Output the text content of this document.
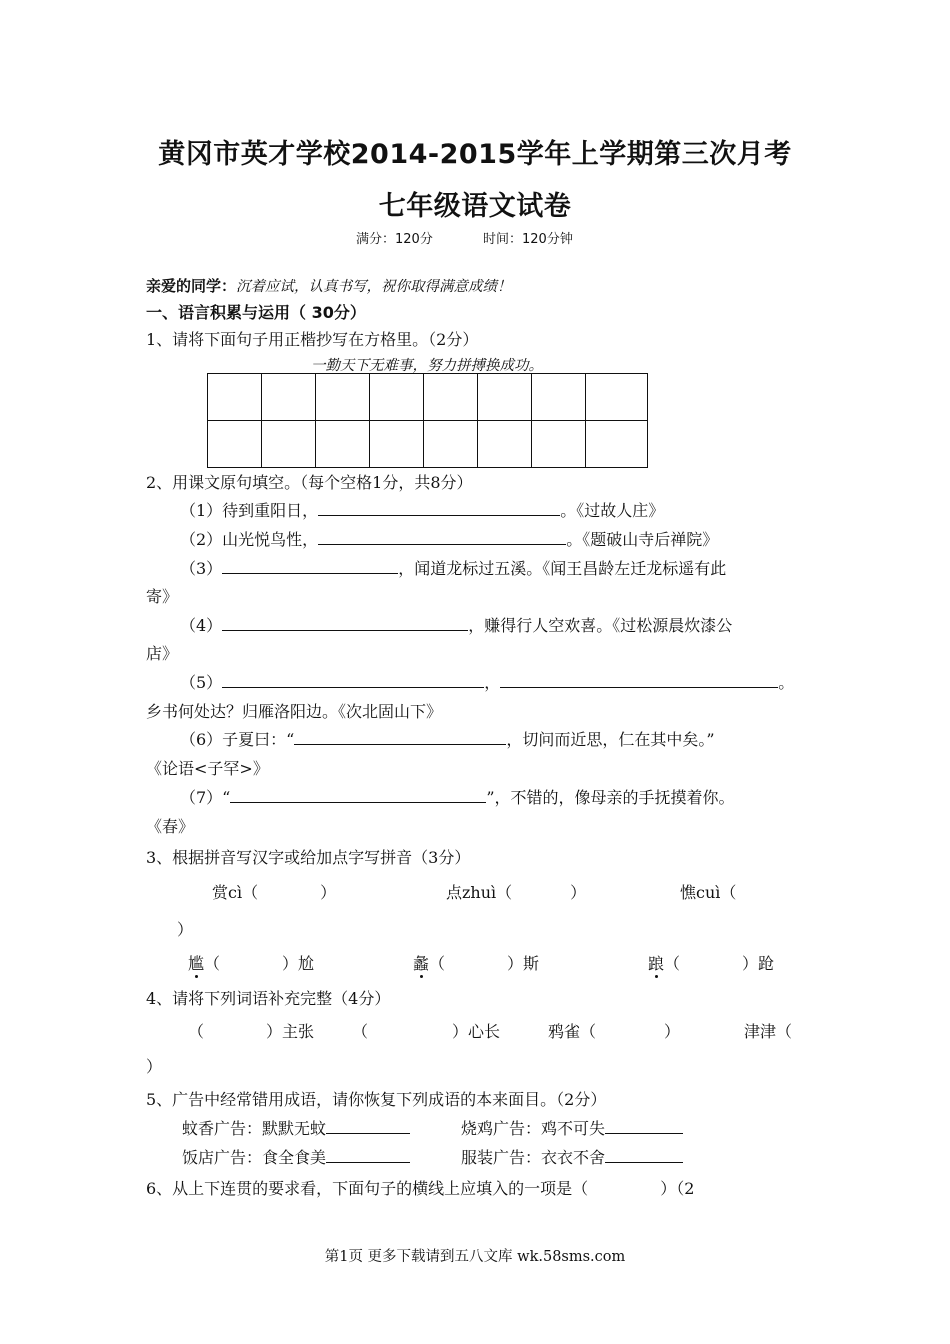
黄冈市英才学校2014-2015学年上学期第三次月考
七年级语文试卷
满分：120分	时间：120分钟
亲爱的同学：沉着应试，认真书写，祝你取得满意成绩！
一、语言积累与运用（ 30分）
1、请将下面句子用正楷抄写在方格里。（2分）
一勤天下无难事，努力拼搏换成功。

2、用课文原句填空。（每个空格1分，共8分）
（1）待到重阳日，	。《过故人庄》
（2）山光悦鸟性，	。《题破山寺后禅院》
（3）	，闻道龙标过五溪。《闻王昌龄左迁龙标遥有此
寄》
（4）	，赚得行人空欢喜。《过松源晨炊漆公
店》
（5）	，	。
乡书何处达？归雁洛阳边。《次北固山下》
（6）子夏曰：“	，切问而近思，仁在其中矣。”
《论语<子罕>》
（7）“	”，不错的，像母亲的手抚摸着你。
《春》
3、根据拼音写汉字或给加点字写拼音（3分）
赏cì（	）	点zhuì（	）	憔cuì（
）
尴（	）尬	蠡（	）斯	踉（	）跄
4、请将下列词语补充完整（4分）
（	）主张 （	）心长	鸦雀（	）	津津（
）
5、广告中经常错用成语，请你恢复下列成语的本来面目。（2分）
蚊香广告：默默无蚊	烧鸡广告：鸡不可失
饭店广告：食全食美	服装广告：衣衣不舍
6、从上下连贯的要求看，下面句子的横线上应填入的一项是（	）（2
第1页 更多下载请到五八文库 wk.58sms.com
